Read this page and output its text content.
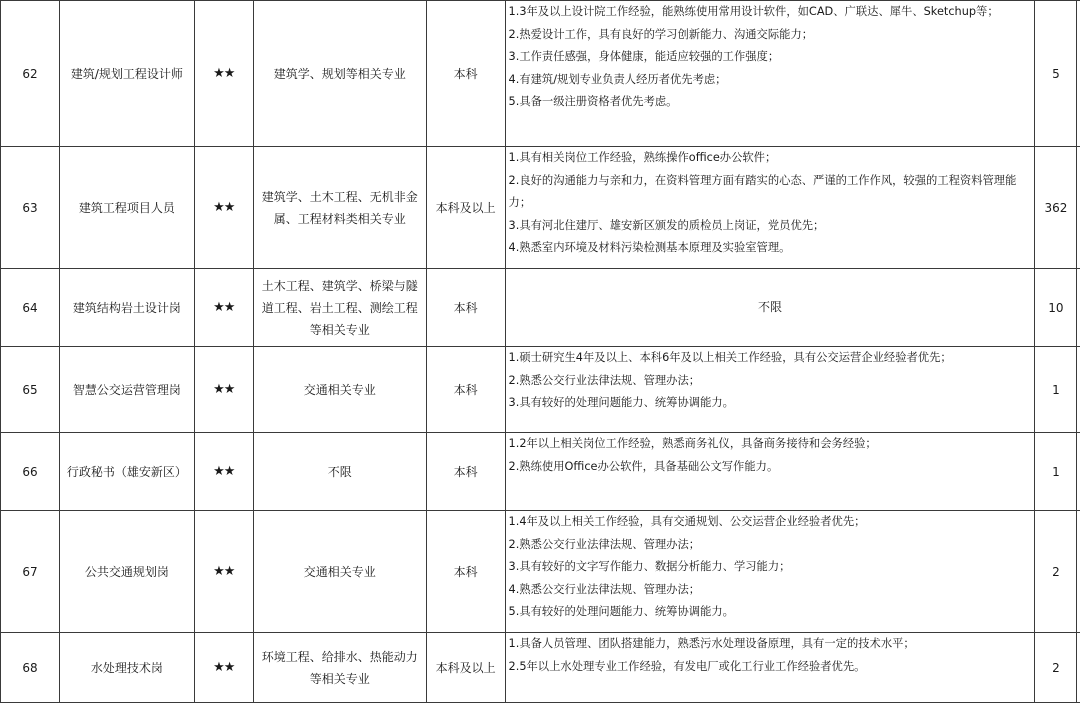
62	建筑/规划工程设计师	★★	建筑学、规划等相关专业	本科	1.3年及以上设计院工作经验，能熟练使用常用设计软件，如CAD、广联达、犀牛、Sketchup等；
2.热爱设计工作，具有良好的学习创新能力、沟通交际能力；
3.工作责任感强，身体健康，能适应较强的工作强度；
4.有建筑/规划专业负责人经历者优先考虑；
5.具备一级注册资格者优先考虑。	5	
63	建筑工程项目人员	★★	建筑学、土木工程、无机非金属、工程材料类相关专业	本科及以上	1.具有相关岗位工作经验，熟练操作office办公软件；
2.良好的沟通能力与亲和力，在资料管理方面有踏实的心态、严谨的工作作风，较强的工程资料管理能力；
3.具有河北住建厅、雄安新区颁发的质检员上岗证，党员优先；
4.熟悉室内环境及材料污染检测基本原理及实验室管理。	362	
64	建筑结构岩土设计岗	★★	土木工程、建筑学、桥梁与隧道工程、岩土工程、测绘工程等相关专业	本科	不限	10	
65	智慧公交运营管理岗	★★	交通相关专业	本科	1.硕士研究生4年及以上、本科6年及以上相关工作经验，具有公交运营企业经验者优先；
2.熟悉公交行业法律法规、管理办法；
3.具有较好的处理问题能力、统筹协调能力。	1	
66	行政秘书（雄安新区）	★★	不限	本科	1.2年以上相关岗位工作经验，熟悉商务礼仪，具备商务接待和会务经验；
2.熟练使用Office办公软件，具备基础公文写作能力。	1	
67	公共交通规划岗	★★	交通相关专业	本科	1.4年及以上相关工作经验，具有交通规划、公交运营企业经验者优先；
2.熟悉公交行业法律法规、管理办法；
3.具有较好的文字写作能力、数据分析能力、学习能力；
4.熟悉公交行业法律法规、管理办法；
5.具有较好的处理问题能力、统筹协调能力。	2	
68	水处理技术岗	★★	环境工程、给排水、热能动力等相关专业	本科及以上	1.具备人员管理、团队搭建能力，熟悉污水处理设备原理，具有一定的技术水平；
2.5年以上水处理专业工作经验，有发电厂或化工行业工作经验者优先。	2	
